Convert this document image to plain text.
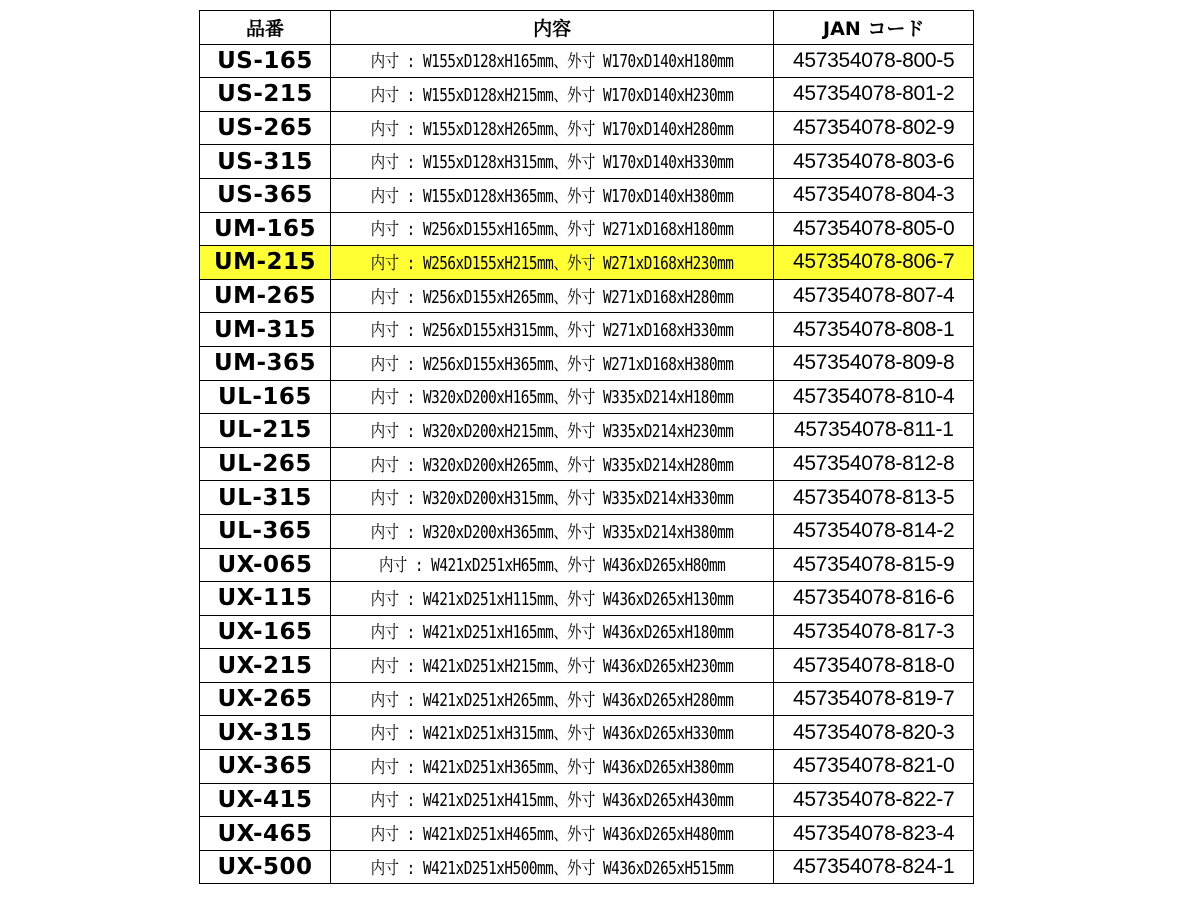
品番	内容	JAN コード
US-165	内寸 : W155xD128xH165mm、外寸 W170xD140xH180mm	457354078-800-5
US-215	内寸 : W155xD128xH215mm、外寸 W170xD140xH230mm	457354078-801-2
US-265	内寸 : W155xD128xH265mm、外寸 W170xD140xH280mm	457354078-802-9
US-315	内寸 : W155xD128xH315mm、外寸 W170xD140xH330mm	457354078-803-6
US-365	内寸 : W155xD128xH365mm、外寸 W170xD140xH380mm	457354078-804-3
UM-165	内寸 : W256xD155xH165mm、外寸 W271xD168xH180mm	457354078-805-0
UM-215	内寸 : W256xD155xH215mm、外寸 W271xD168xH230mm	457354078-806-7
UM-265	内寸 : W256xD155xH265mm、外寸 W271xD168xH280mm	457354078-807-4
UM-315	内寸 : W256xD155xH315mm、外寸 W271xD168xH330mm	457354078-808-1
UM-365	内寸 : W256xD155xH365mm、外寸 W271xD168xH380mm	457354078-809-8
UL-165	内寸 : W320xD200xH165mm、外寸 W335xD214xH180mm	457354078-810-4
UL-215	内寸 : W320xD200xH215mm、外寸 W335xD214xH230mm	457354078-811-1
UL-265	内寸 : W320xD200xH265mm、外寸 W335xD214xH280mm	457354078-812-8
UL-315	内寸 : W320xD200xH315mm、外寸 W335xD214xH330mm	457354078-813-5
UL-365	内寸 : W320xD200xH365mm、外寸 W335xD214xH380mm	457354078-814-2
UX-065	内寸 : W421xD251xH65mm、外寸 W436xD265xH80mm	457354078-815-9
UX-115	内寸 : W421xD251xH115mm、外寸 W436xD265xH130mm	457354078-816-6
UX-165	内寸 : W421xD251xH165mm、外寸 W436xD265xH180mm	457354078-817-3
UX-215	内寸 : W421xD251xH215mm、外寸 W436xD265xH230mm	457354078-818-0
UX-265	内寸 : W421xD251xH265mm、外寸 W436xD265xH280mm	457354078-819-7
UX-315	内寸 : W421xD251xH315mm、外寸 W436xD265xH330mm	457354078-820-3
UX-365	内寸 : W421xD251xH365mm、外寸 W436xD265xH380mm	457354078-821-0
UX-415	内寸 : W421xD251xH415mm、外寸 W436xD265xH430mm	457354078-822-7
UX-465	内寸 : W421xD251xH465mm、外寸 W436xD265xH480mm	457354078-823-4
UX-500	内寸 : W421xD251xH500mm、外寸 W436xD265xH515mm	457354078-824-1
